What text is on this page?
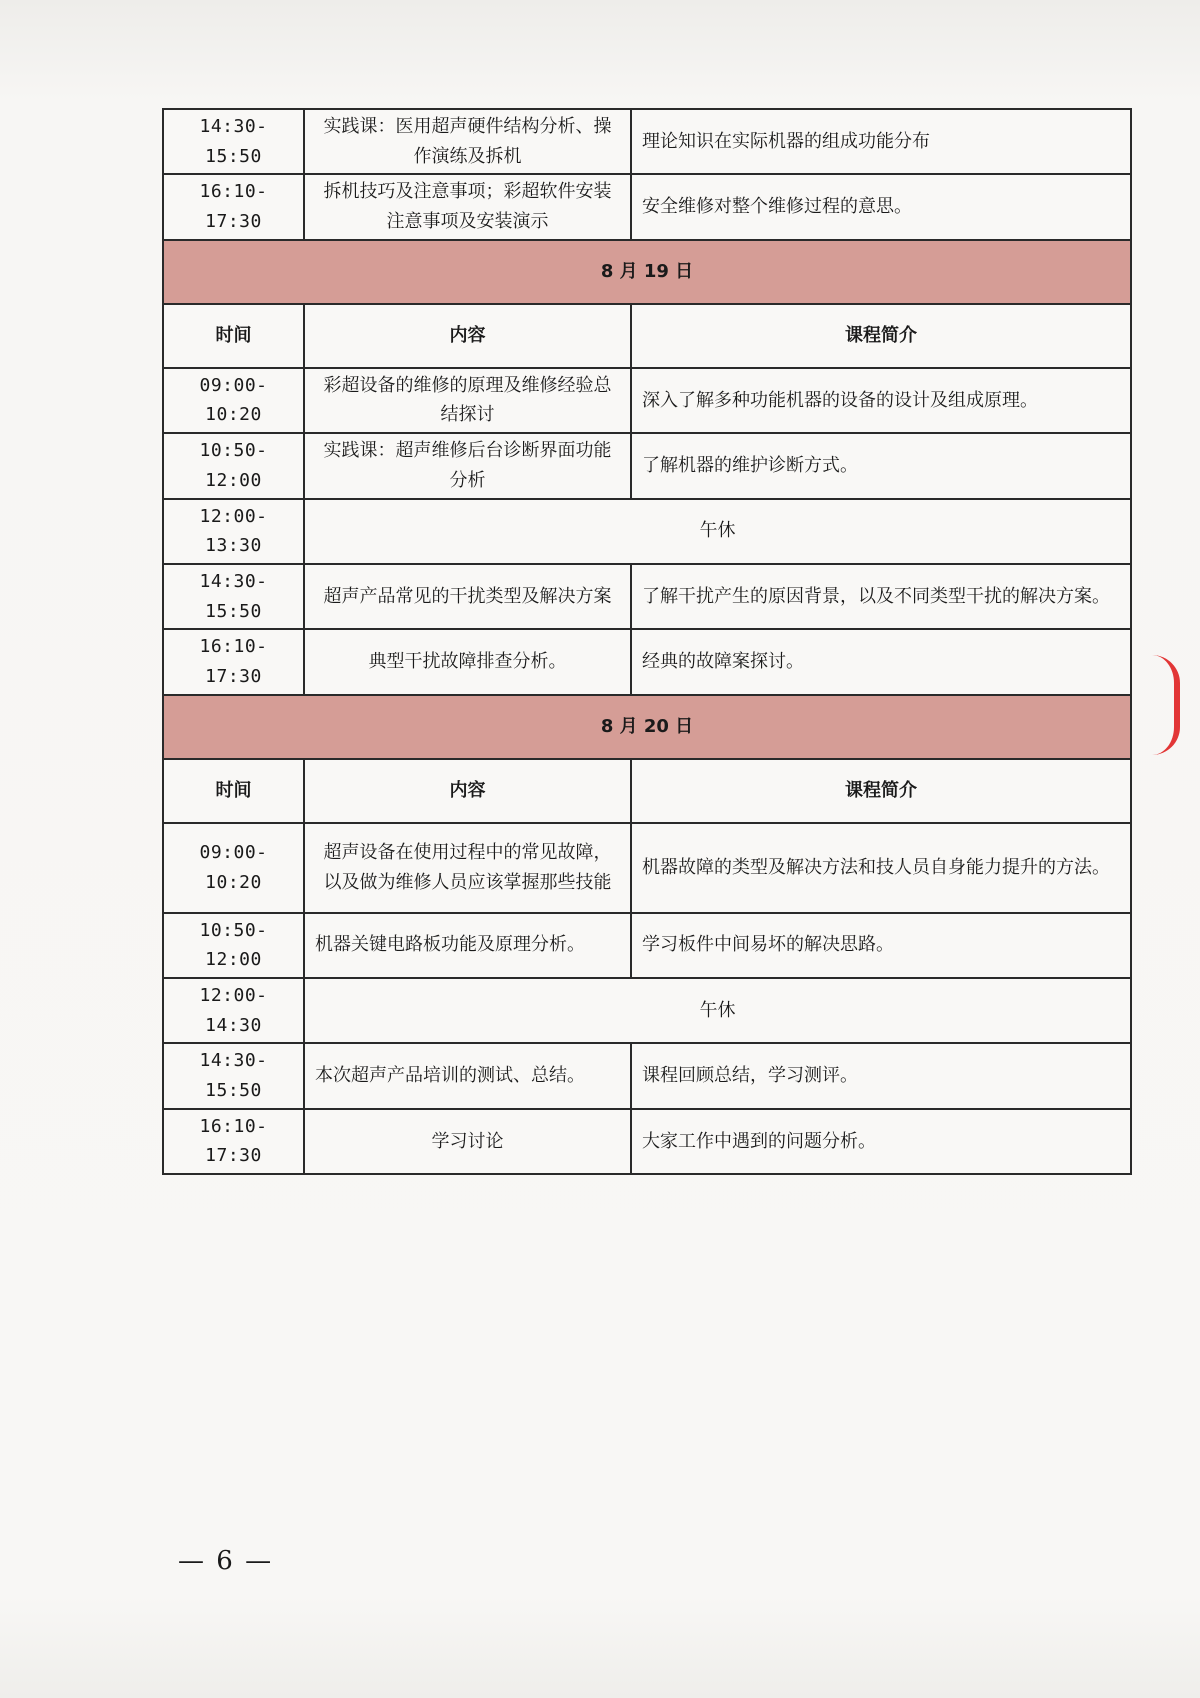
14:30-15:50	实践课：医用超声硬件结构分析、操作演练及拆机	理论知识在实际机器的组成功能分布
16:10-17:30	拆机技巧及注意事项；彩超软件安装注意事项及安装演示	安全维修对整个维修过程的意思。
8 月 19 日		
时间	内容	课程简介
09:00-10:20	彩超设备的维修的原理及维修经验总结探讨	深入了解多种功能机器的设备的设计及组成原理。
10:50-12:00	实践课：超声维修后台诊断界面功能分析	了解机器的维护诊断方式。
12:00-13:30	午休	
14:30-15:50	超声产品常见的干扰类型及解决方案	了解干扰产生的原因背景，以及不同类型干扰的解决方案。
16:10-17:30	典型干扰故障排查分析。	经典的故障案探讨。
8 月 20 日		
时间	内容	课程简介
09:00-10:20	超声设备在使用过程中的常见故障，以及做为维修人员应该掌握那些技能	机器故障的类型及解决方法和技人员自身能力提升的方法。
10:50-12:00	机器关键电路板功能及原理分析。	学习板件中间易坏的解决思路。
12:00-14:30	午休	
14:30-15:50	本次超声产品培训的测试、总结。	课程回顾总结，学习测评。
16:10-17:30	学习讨论	大家工作中遇到的问题分析。
— 6 —
